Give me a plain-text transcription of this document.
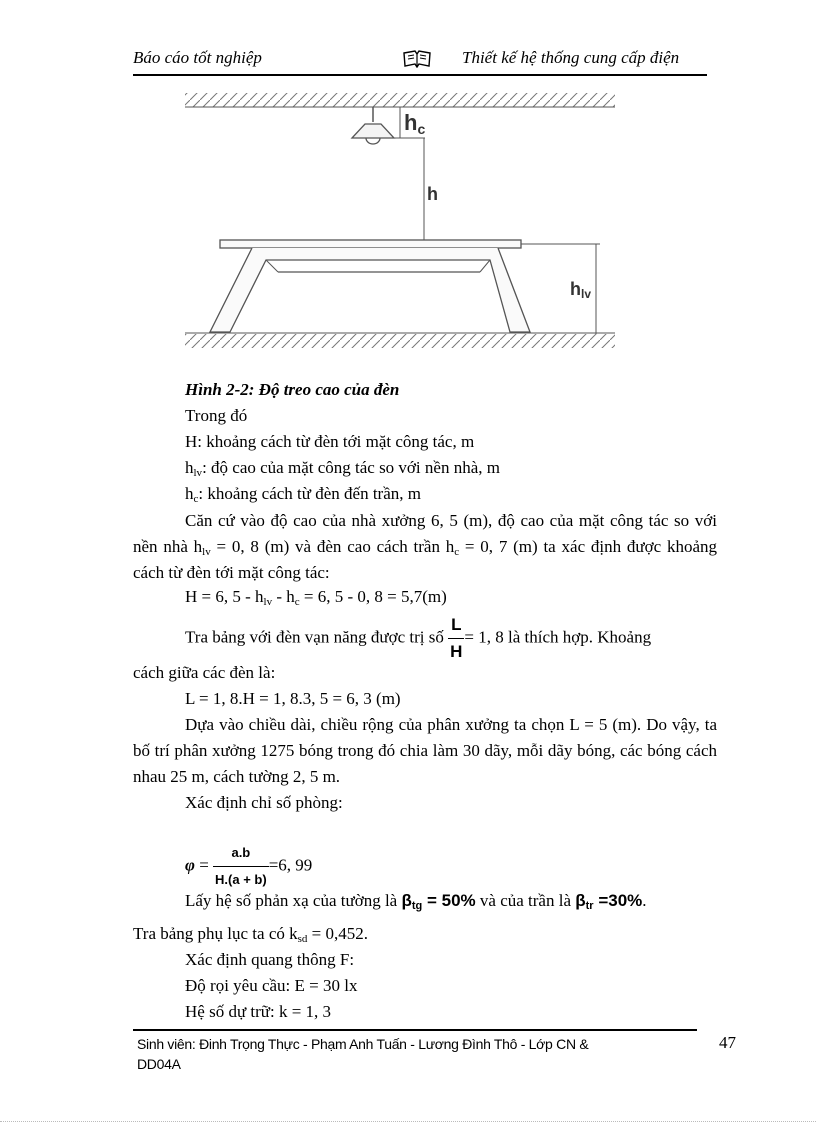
Báo cáo tốt nghiệp	Thiết kế hệ thống cung cấp điện
hc
h
hlv
Hình 2-2: Độ treo cao của đèn
Trong đó
H: khoảng cách từ đèn tới mặt công tác, m
$h_{lv}$: độ cao của mặt công tác so với nền nhà, m
$h_c$: khoảng cách từ đèn đến trần, m
Căn cứ vào độ cao của nhà xưởng 6, 5 (m), độ cao của mặt công tác so với nền nhà $h_{lv} = 0$, 8 (m) và đèn cao cách trần $h_c = 0$, 7 (m) ta xác định được khoảng cách từ đèn tới mặt công tác:
H = 6, $5 - h_{lv} - h_c = 6$, 5 - 0, 8 = 5,7(m)
Tra bảng với đèn vạn năng được trị số $\frac{L}{H} = 1$, 8 là thích hợp. Khoảng
cách giữa các đèn là:
L = 1, 8.H = 1, 8.3, 5 = 6, 3 (m)
Dựa vào chiều dài, chiều rộng của phân xưởng ta chọn L = 5 (m). Do vậy, ta bố trí phân xưởng 1275 bóng trong đó chia làm 30 dãy, mỗi dãy bóng, các bóng cách nhau 25 m, cách tường 2, 5 m.
Xác định chỉ số phòng:
$\varphi = \frac{a.b}{H.(a + b)} =6$, 99
Lấy hệ số phản xạ của tường là $\beta_{tg} = 50\%$ và của trần là $\beta_{tr} =30\%$.
Tra bảng phụ lục ta có $k_{sd} = 0,452$.
Xác định quang thông F:
Độ rọi yêu cầu: E = 30 lx
Hệ số dự trữ: k = 1, 3
Sinh viên: Đinh Trọng Thực - Phạm Anh Tuấn - Lương Đình Thô - Lớp CN &
DD04A
47
